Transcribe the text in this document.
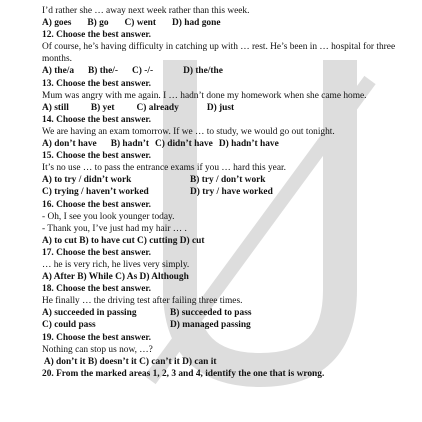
I’d rather she … away next week rather than this week.
A) goes B) go C) went D) had gone
12. Choose the best answer.
Of course, he’s having difficulty in catching up with … rest. He’s been in … hospital for three months.
A) the/a B) the/- C) -/-	D) the/the
13. Choose the best answer.
Mum was angry with me again. I … hadn’t done my homework when she came home.
A) still B) yet C) already	D) just
14. Choose the best answer.
We are having an exam tomorrow. If we … to study, we would go out tonight.
A) don’t have B) hadn’t C) didn’t have D) hadn’t have
15. Choose the best answer.
It’s no use … to pass the entrance exams if you … hard this year.
A) to try / didn’t work	B) try / don’t work
C) trying / haven’t worked	D) try / have worked
16. Choose the best answer.
- Oh, I see you look younger today.
- Thank you, I’ve just had my hair … .
A) to cut B) to have cut C) cutting D) cut
17. Choose the best answer.
… he is very rich, he lives very simply.
A) After B) While C) As D) Although
18. Choose the best answer.
He finally … the driving test after failing three times.
A) succeeded in passing	B) succeeded to pass
C) could pass	D) managed passing
19. Choose the best answer.
Nothing can stop us now, …?
A) don’t it B) doesn’t it C) can’t it D) can it
20. From the marked areas 1, 2, 3 and 4, identify the one that is wrong.
